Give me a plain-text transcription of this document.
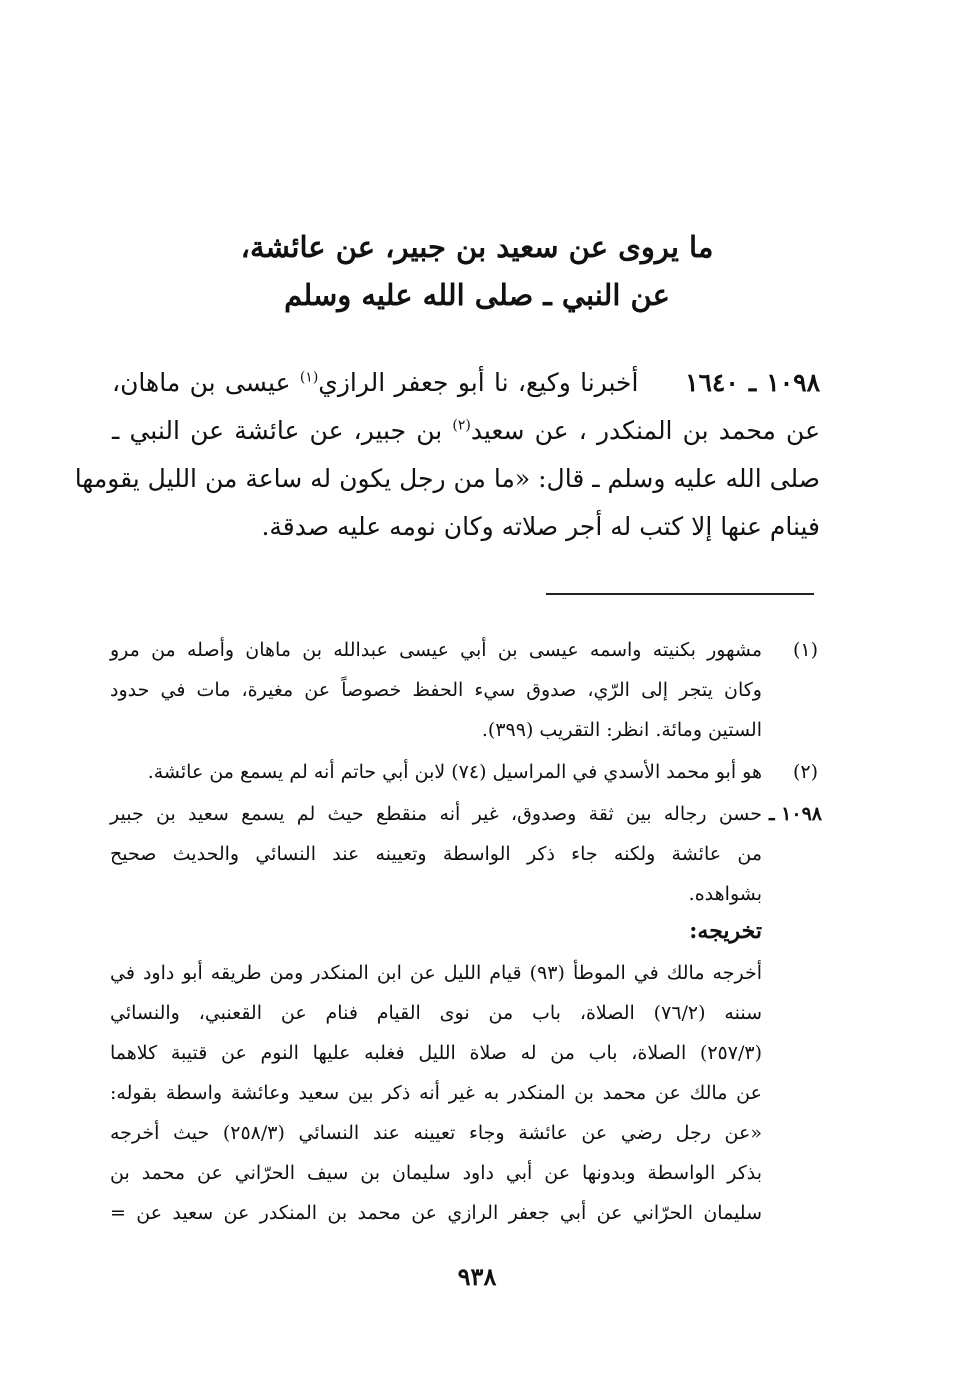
ما يروى عن سعيد بن جبير، عن عائشة،
عن النبي ـ صلى الله عليه وسلم
١٠٩٨ ـ ١٦٤٠     أخبرنا وكيع، نا أبو جعفر الرازي$^{(١)}$ عيسى بن ماهان،
عن محمد بن المنكدر ، عن سعيد$^{(٢)}$ بن جبير، عن عائشة عن النبي ـ
صلى الله عليه وسلم ـ قال: «ما من رجل يكون له ساعة من الليل يقومها
فينام عنها إلا كتب له أجر صلاته وكان نومه عليه صدقة.
(١)
مشهور بكنيته واسمه عيسى بن أبي عيسى عبدالله بن ماهان وأصله من مرو
وكان يتجر إلى الرّي، صدوق سيء الحفظ خصوصاً عن مغيرة، مات في حدود
الستين ومائة. انظر: التقريب (٣٩٩).
(٢)
هو أبو محمد الأسدي في المراسيل (٧٤) لابن أبي حاتم أنه لم يسمع من عائشة.
١٠٩٨ ـ
حسن رجاله بين ثقة وصدوق، غير أنه منقطع حيث لم يسمع سعيد بن جبير
من عائشة ولكنه جاء ذكر الواسطة وتعيينه عند النسائي والحديث صحيح
بشواهده.
تخريجه:
أخرجه مالك في الموطأ (٩٣) قيام الليل عن ابن المنكدر ومن طريقه أبو داود في
سننه (٧٦/٢) الصلاة، باب من نوى القيام فنام عن القعنبي، والنسائي
(٢٥٧/٣) الصلاة، باب من له صلاة الليل فغلبه عليها النوم عن قتيبة كلاهما
عن مالك عن محمد بن المنكدر به غير أنه ذكر بين سعيد وعائشة واسطة بقوله:
«عن رجل رضي عن عائشة وجاء تعيينه عند النسائي (٢٥٨/٣) حيث أخرجه
بذكر الواسطة وبدونها عن أبي داود سليمان بن سيف الحرّاني عن محمد بن
سليمان الحرّاني عن أبي جعفر الرازي عن محمد بن المنكدر عن سعيد عن =
٩٣٨
